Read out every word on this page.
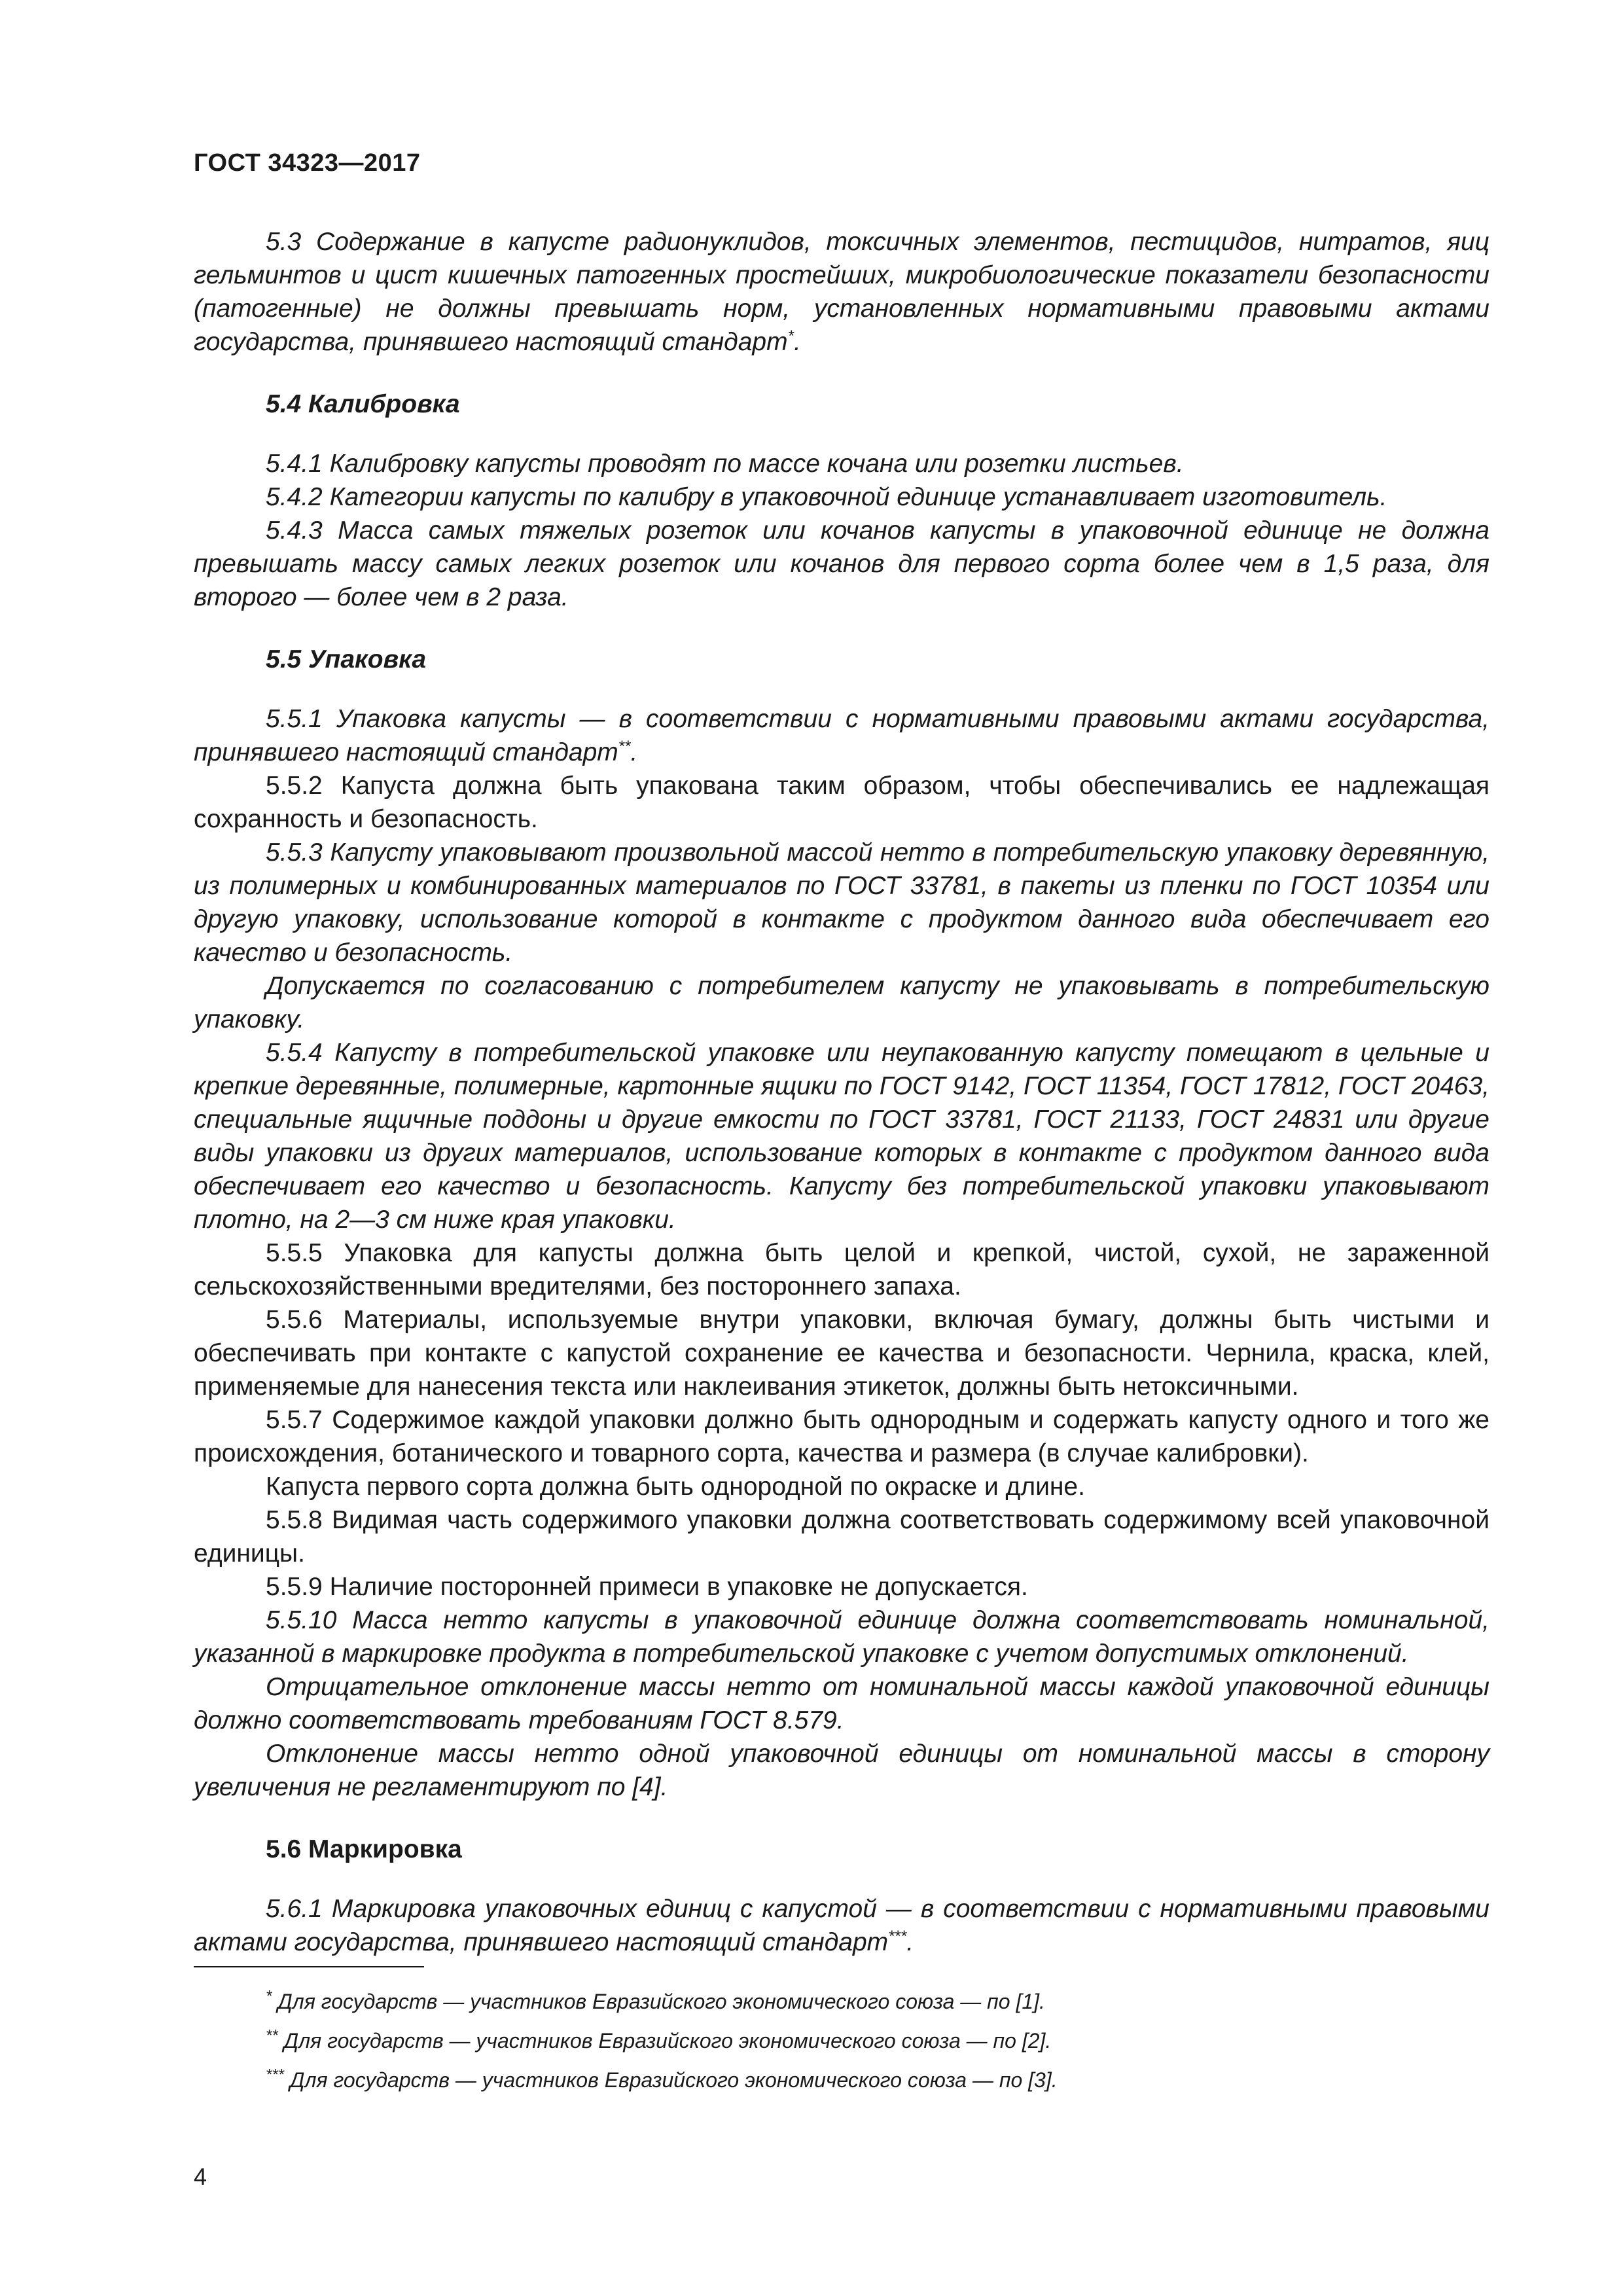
ГОСТ 34323—2017

5.3 Содержание в капусте радионуклидов, токсичных элементов, пестицидов, нитратов, яиц гельминтов и цист кишечных патогенных простейших, микробиологические показатели безопасности (патогенные) не должны превышать норм, установленных нормативными правовыми актами государства, принявшего настоящий стандарт*.

5.4 Калибровка

5.4.1 Калибровку капусты проводят по массе кочана или розетки листьев.

5.4.2 Категории капусты по калибру в упаковочной единице устанавливает изготовитель.

5.4.3 Масса самых тяжелых розеток или кочанов капусты в упаковочной единице не должна превышать массу самых легких розеток или кочанов для первого сорта более чем в 1,5 раза, для второго — более чем в 2 раза.

5.5 Упаковка

5.5.1 Упаковка капусты — в соответствии с нормативными правовыми актами государства, принявшего настоящий стандарт**.

5.5.2 Капуста должна быть упакована таким образом, чтобы обеспечивались ее надлежащая сохранность и безопасность.

5.5.3 Капусту упаковывают произвольной массой нетто в потребительскую упаковку деревянную, из полимерных и комбинированных материалов по ГОСТ 33781, в пакеты из пленки по ГОСТ 10354 или другую упаковку, использование которой в контакте с продуктом данного вида обеспечивает его качество и безопасность.

Допускается по согласованию с потребителем капусту не упаковывать в потребительскую упаковку.

5.5.4 Капусту в потребительской упаковке или неупакованную капусту помещают в цельные и крепкие деревянные, полимерные, картонные ящики по ГОСТ 9142, ГОСТ 11354, ГОСТ 17812, ГОСТ 20463, специальные ящичные поддоны и другие емкости по ГОСТ 33781, ГОСТ 21133, ГОСТ 24831 или другие виды упаковки из других материалов, использование которых в контакте с продуктом данного вида обеспечивает его качество и безопасность. Капусту без потребительской упаковки упаковывают плотно, на 2—3 см ниже края упаковки.

5.5.5 Упаковка для капусты должна быть целой и крепкой, чистой, сухой, не зараженной сельскохозяйственными вредителями, без постороннего запаха.

5.5.6 Материалы, используемые внутри упаковки, включая бумагу, должны быть чистыми и обеспечивать при контакте с капустой сохранение ее качества и безопасности. Чернила, краска, клей, применяемые для нанесения текста или наклеивания этикеток, должны быть нетоксичными.

5.5.7 Содержимое каждой упаковки должно быть однородным и содержать капусту одного и того же происхождения, ботанического и товарного сорта, качества и размера (в случае калибровки).

Капуста первого сорта должна быть однородной по окраске и длине.

5.5.8 Видимая часть содержимого упаковки должна соответствовать содержимому всей упаковочной единицы.

5.5.9 Наличие посторонней примеси в упаковке не допускается.

5.5.10 Масса нетто капусты в упаковочной единице должна соответствовать номинальной, указанной в маркировке продукта в потребительской упаковке с учетом допустимых отклонений.

Отрицательное отклонение массы нетто от номинальной массы каждой упаковочной единицы должно соответствовать требованиям ГОСТ 8.579.

Отклонение массы нетто одной упаковочной единицы от номинальной массы в сторону увеличения не регламентируют по [4].

5.6 Маркировка

5.6.1 Маркировка упаковочных единиц с капустой — в соответствии с нормативными правовыми актами государства, принявшего настоящий стандарт***.

* Для государств — участников Евразийского экономического союза — по [1].
** Для государств — участников Евразийского экономического союза — по [2].
*** Для государств — участников Евразийского экономического союза — по [3].
4
